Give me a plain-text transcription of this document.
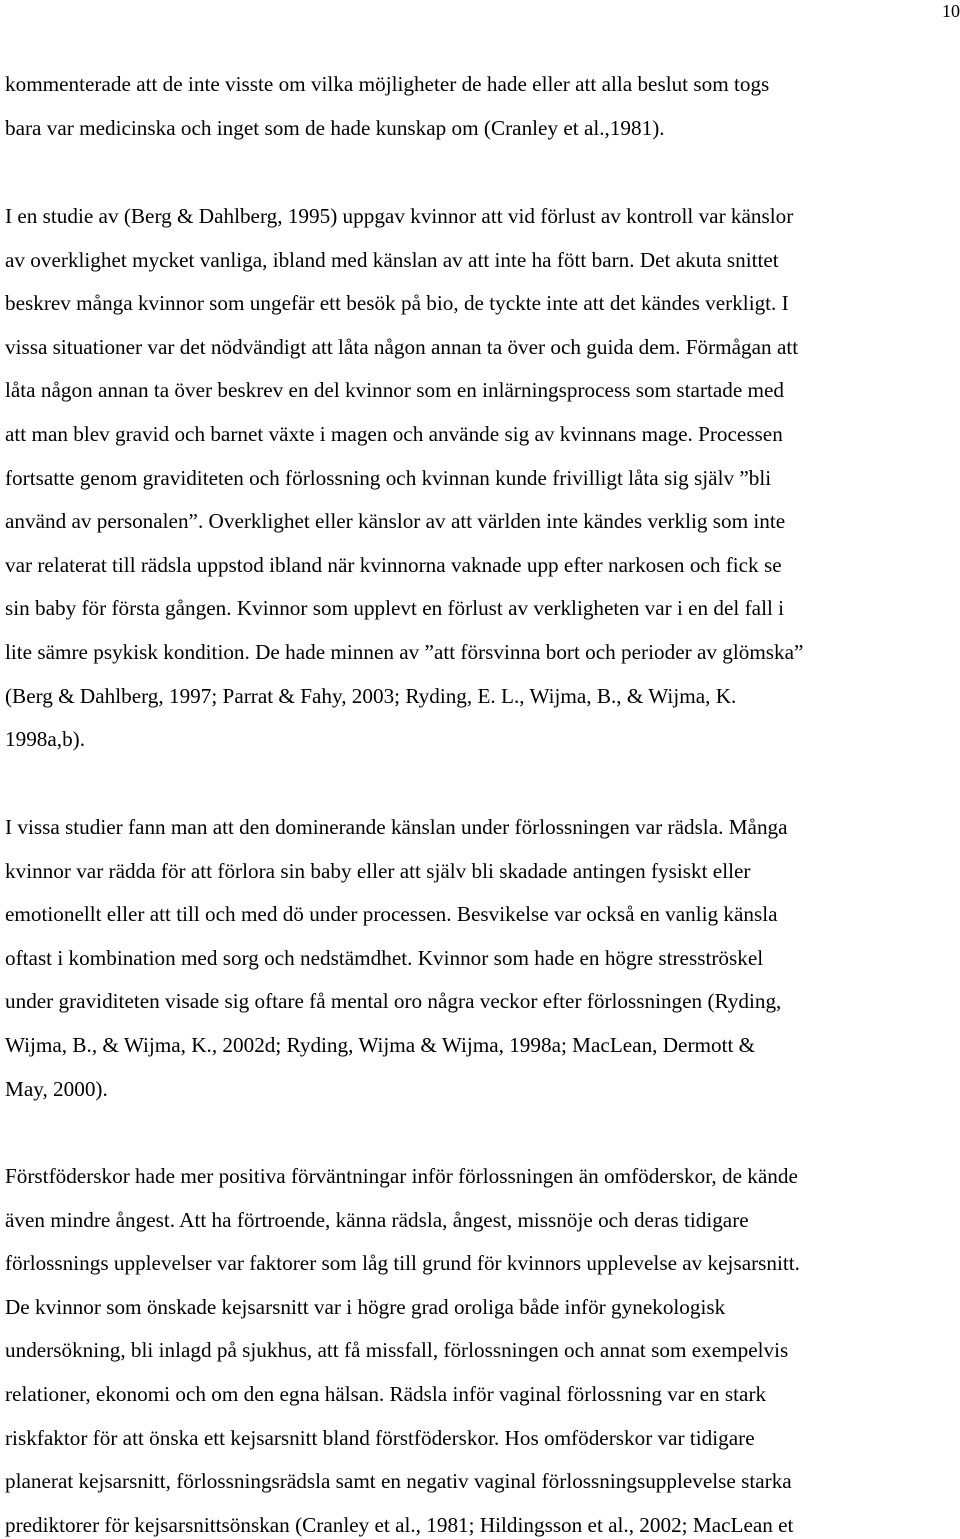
10
kommenterade att de inte visste om vilka möjligheter de hade eller att alla beslut som togs
bara var medicinska och inget som de hade kunskap om (Cranley et al.,1981).
I en studie av (Berg & Dahlberg, 1995) uppgav kvinnor att vid förlust av kontroll var känslor
av overklighet mycket vanliga, ibland med känslan av att inte ha fött barn. Det akuta snittet
beskrev många kvinnor som ungefär ett besök på bio, de tyckte inte att det kändes verkligt. I
vissa situationer var det nödvändigt att låta någon annan ta över och guida dem. Förmågan att
låta någon annan ta över beskrev en del kvinnor som en inlärningsprocess som startade med
att man blev gravid och barnet växte i magen och använde sig av kvinnans mage. Processen
fortsatte genom graviditeten och förlossning och kvinnan kunde frivilligt låta sig själv ”bli
använd av personalen”. Overklighet eller känslor av att världen inte kändes verklig som inte
var relaterat till rädsla uppstod ibland när kvinnorna vaknade upp efter narkosen och fick se
sin baby för första gången. Kvinnor som upplevt en förlust av verkligheten var i en del fall i
lite sämre psykisk kondition. De hade minnen av ”att försvinna bort och perioder av glömska”
(Berg & Dahlberg, 1997; Parrat & Fahy, 2003; Ryding, E. L., Wijma, B., & Wijma, K.
1998a,b).
I vissa studier fann man att den dominerande känslan under förlossningen var rädsla. Många
kvinnor var rädda för att förlora sin baby eller att själv bli skadade antingen fysiskt eller
emotionellt eller att till och med dö under processen. Besvikelse var också en vanlig känsla
oftast i kombination med sorg och nedstämdhet. Kvinnor som hade en högre stresströskel
under graviditeten visade sig oftare få mental oro några veckor efter förlossningen (Ryding,
Wijma, B., & Wijma, K., 2002d; Ryding, Wijma & Wijma, 1998a; MacLean, Dermott &
May, 2000).
Förstföderskor hade mer positiva förväntningar inför förlossningen än omföderskor, de kände
även mindre ångest. Att ha förtroende, känna rädsla, ångest, missnöje och deras tidigare
förlossnings upplevelser var faktorer som låg till grund för kvinnors upplevelse av kejsarsnitt.
De kvinnor som önskade kejsarsnitt var i högre grad oroliga både inför gynekologisk
undersökning, bli inlagd på sjukhus, att få missfall, förlossningen och annat som exempelvis
relationer, ekonomi och om den egna hälsan. Rädsla inför vaginal förlossning var en stark
riskfaktor för att önska ett kejsarsnitt bland förstföderskor. Hos omföderskor var tidigare
planerat kejsarsnitt, förlossningsrädsla samt en negativ vaginal förlossningsupplevelse starka
prediktorer för kejsarsnittsönskan (Cranley et al., 1981; Hildingsson et al., 2002; MacLean et
